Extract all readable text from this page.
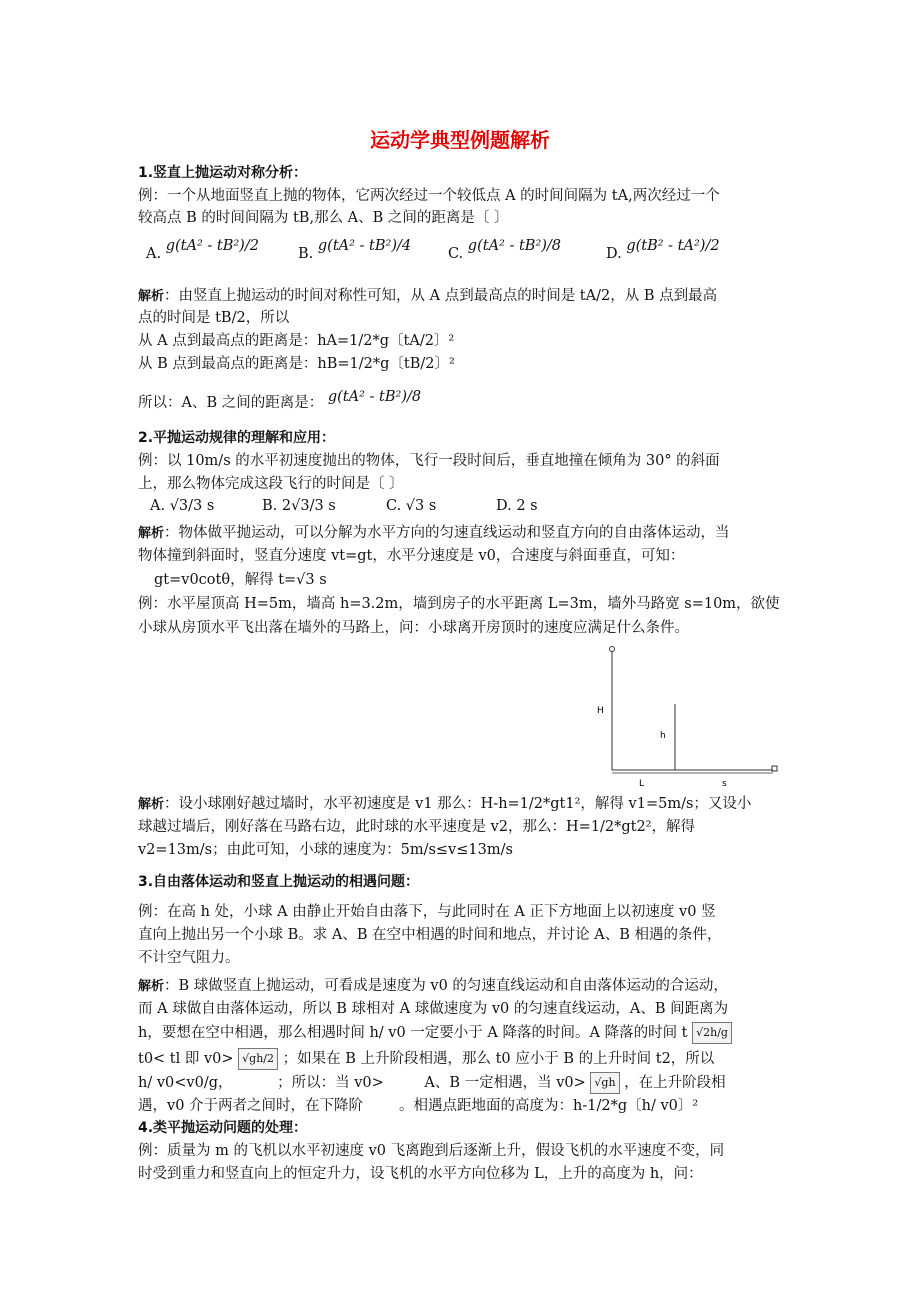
运动学典型例题解析
1.竖直上抛运动对称分析：
例：一个从地面竖直上抛的物体，它两次经过一个较低点 A 的时间间隔为 tA,两次经过一个
较高点 B 的时间间隔为 tB,那么 A、B 之间的距离是〔 〕
A. g(tA² - tB²)/2	B. g(tA² - tB²)/4	C. g(tA² - tB²)/8	D. g(tB² - tA²)/2
解析：由竖直上抛运动的时间对称性可知，从 A 点到最高点的时间是 tA/2，从 B 点到最高
点的时间是 tB/2，所以
从 A 点到最高点的距离是：hA=1/2*g〔tA/2〕²
从 B 点到最高点的距离是：hB=1/2*g〔tB/2〕²
所以：A、B 之间的距离是： g(tA² - tB²)/8
2.平抛运动规律的理解和应用：
例：以 10m/s 的水平初速度抛出的物体，飞行一段时间后，垂直地撞在倾角为 30° 的斜面
上，那么物体完成这段飞行的时间是〔 〕
A. √3/3 s	B. 2√3/3 s	C. √3 s	D. 2 s
解析：物体做平抛运动，可以分解为水平方向的匀速直线运动和竖直方向的自由落体运动，当
物体撞到斜面时，竖直分速度 vt=gt，水平分速度是 v0，合速度与斜面垂直，可知：
gt=v0cotθ，解得 t=√3 s
例：水平屋顶高 H=5m，墙高 h=3.2m，墙到房子的水平距离 L=3m，墙外马路宽 s=10m，欲使
小球从房顶水平飞出落在墙外的马路上，问：小球离开房顶时的速度应满足什么条件。
H
h
L	s
解析：设小球刚好越过墙时，水平初速度是 v1 那么：H-h=1/2*gt1²，解得 v1=5m/s；又设小
球越过墙后，刚好落在马路右边，此时球的水平速度是 v2，那么：H=1/2*gt2²，解得
v2=13m/s；由此可知，小球的速度为：5m/s≤v≤13m/s
3.自由落体运动和竖直上抛运动的相遇问题：
例：在高 h 处，小球 A 由静止开始自由落下，与此同时在 A 正下方地面上以初速度 v0 竖
直向上抛出另一个小球 B。求 A、B 在空中相遇的时间和地点，并讨论 A、B 相遇的条件，
不计空气阻力。
解析：B 球做竖直上抛运动，可看成是速度为 v0 的匀速直线运动和自由落体运动的合运动，
而 A 球做自由落体运动，所以 B 球相对 A 球做速度为 v0 的匀速直线运动，A、B 间距离为
h，要想在空中相遇，那么相遇时间 h/ v0 一定要小于 A 降落的时间。A 降落的时间 t √2h/g
t0< tl 即 v0> √gh/2 ；如果在 B 上升阶段相遇，那么 t0 应小于 B 的上升时间 t2，所以
h/ v0<v0/g，	；所以：当 v0>	A、B 一定相遇，当 v0> √gh ，在上升阶段相
遇，v0 介于两者之间时，在下降阶 。相遇点距地面的高度为：h-1/2*g〔h/ v0〕²
4.类平抛运动问题的处理：
例：质量为 m 的飞机以水平初速度 v0 飞离跑到后逐渐上升，假设飞机的水平速度不变，同
时受到重力和竖直向上的恒定升力，设飞机的水平方向位移为 L，上升的高度为 h，问：
